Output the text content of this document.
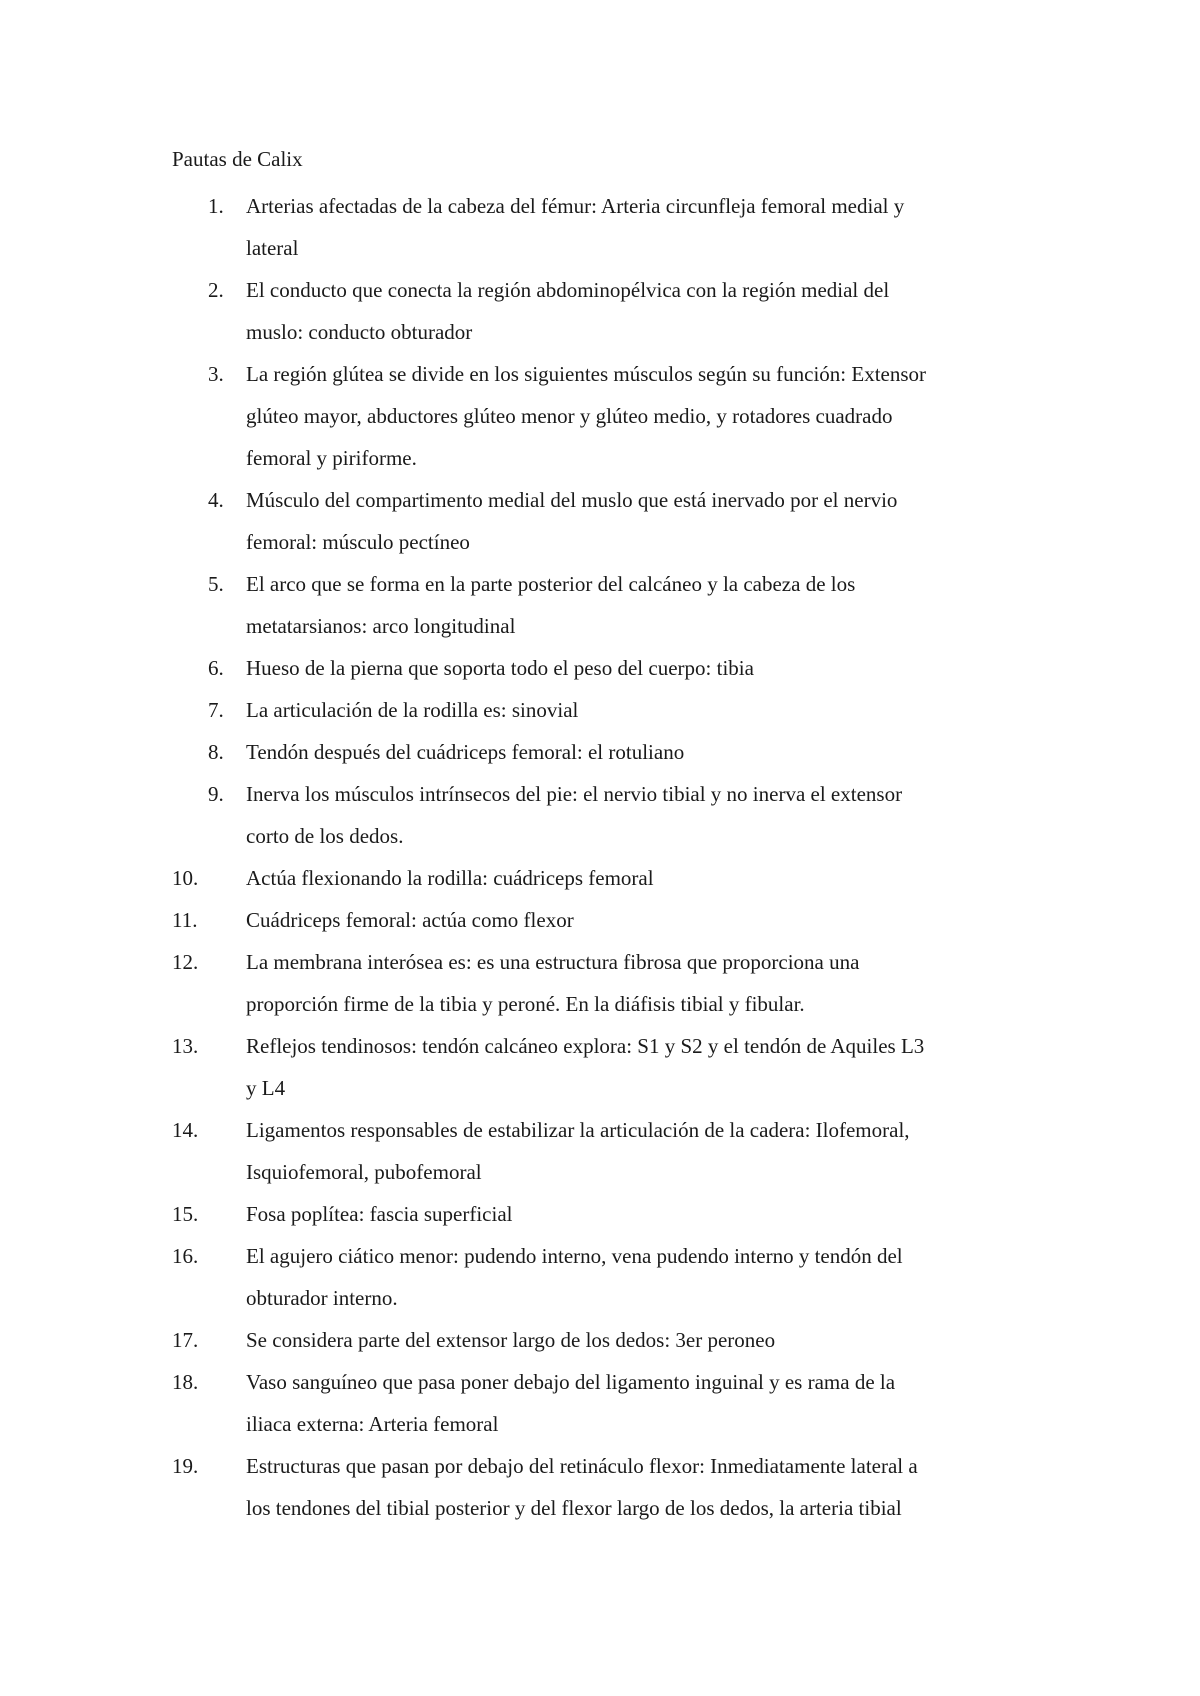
Pautas de Calix
1.	Arterias afectadas de la cabeza del fémur: Arteria circunfleja femoral medial y
lateral
2.	El conducto que conecta la región abdominopélvica con la región medial del
muslo: conducto obturador
3.	La región glútea se divide en los siguientes músculos según su función: Extensor
glúteo mayor, abductores glúteo menor y glúteo medio, y rotadores cuadrado
femoral y piriforme.
4.	Músculo del compartimento medial del muslo que está inervado por el nervio
femoral: músculo pectíneo
5.	El arco que se forma en la parte posterior del calcáneo y la cabeza de los
metatarsianos: arco longitudinal
6.	Hueso de la pierna que soporta todo el peso del cuerpo: tibia
7.	La articulación de la rodilla es: sinovial
8.	Tendón después del cuádriceps femoral: el rotuliano
9.	Inerva los músculos intrínsecos del pie: el nervio tibial y no inerva el extensor
corto de los dedos.
10.	Actúa flexionando la rodilla: cuádriceps femoral
11.	Cuádriceps femoral: actúa como flexor
12.	La membrana interósea es: es una estructura fibrosa que proporciona una
proporción firme de la tibia y peroné. En la diáfisis tibial y fibular.
13.	Reflejos tendinosos: tendón calcáneo explora: S1 y S2 y el tendón de Aquiles L3
y L4
14.	Ligamentos responsables de estabilizar la articulación de la cadera: Ilofemoral,
Isquiofemoral, pubofemoral
15.	Fosa poplítea: fascia superficial
16.	El agujero ciático menor: pudendo interno, vena pudendo interno y tendón del
obturador interno.
17.	Se considera parte del extensor largo de los dedos: 3er peroneo
18.	Vaso sanguíneo que pasa poner debajo del ligamento inguinal y es rama de la
iliaca externa: Arteria femoral
19.	Estructuras que pasan por debajo del retináculo flexor: Inmediatamente lateral a
los tendones del tibial posterior y del flexor largo de los dedos, la arteria tibial
